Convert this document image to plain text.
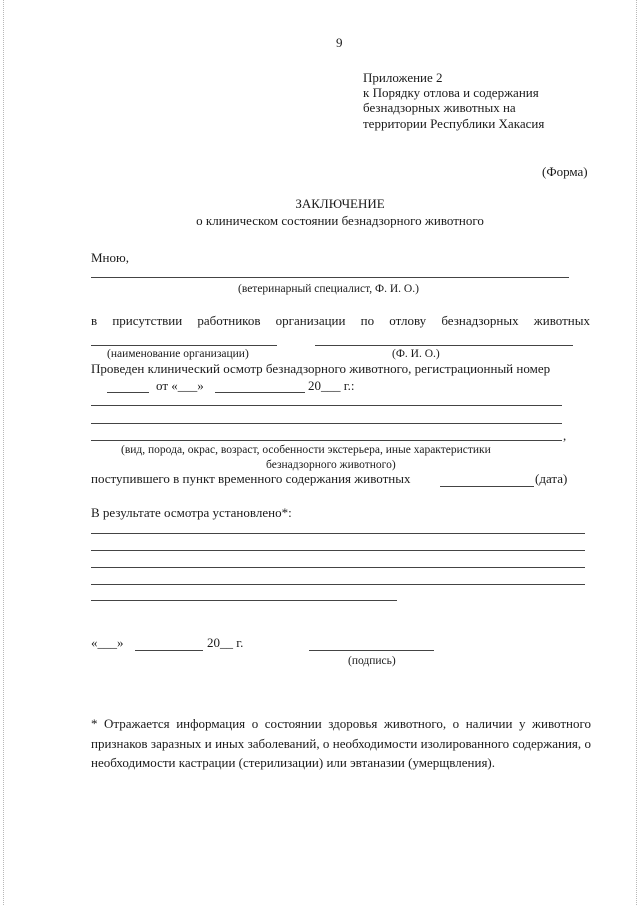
9
Приложение 2
к Порядку отлова и содержания
безнадзорных животных на
территории Республики Хакасия
(Форма)
ЗАКЛЮЧЕНИЕ
о клиническом состоянии безнадзорного животного
Мною,
(ветеринарный специалист, Ф. И. О.)
в присутствии работников организации по отлову безнадзорных животных
(наименование организации)	(Ф. И. О.)
Проведен клинический осмотр безнадзорного животного, регистрационный номер
от «___»	20___ г.:
,
(вид, порода, окрас, возраст, особенности экстерьера, иные характеристики
безнадзорного животного)
поступившего в пункт временного содержания животных	(дата)
В результате осмотра установлено*:
«___»	20__ г.
(подпись)
* Отражается информация о состоянии здоровья животного, о наличии у животного признаков заразных и иных заболеваний, о необходимости изолированного содержания, о необходимости кастрации (стерилизации) или эвтаназии (умерщвления).
